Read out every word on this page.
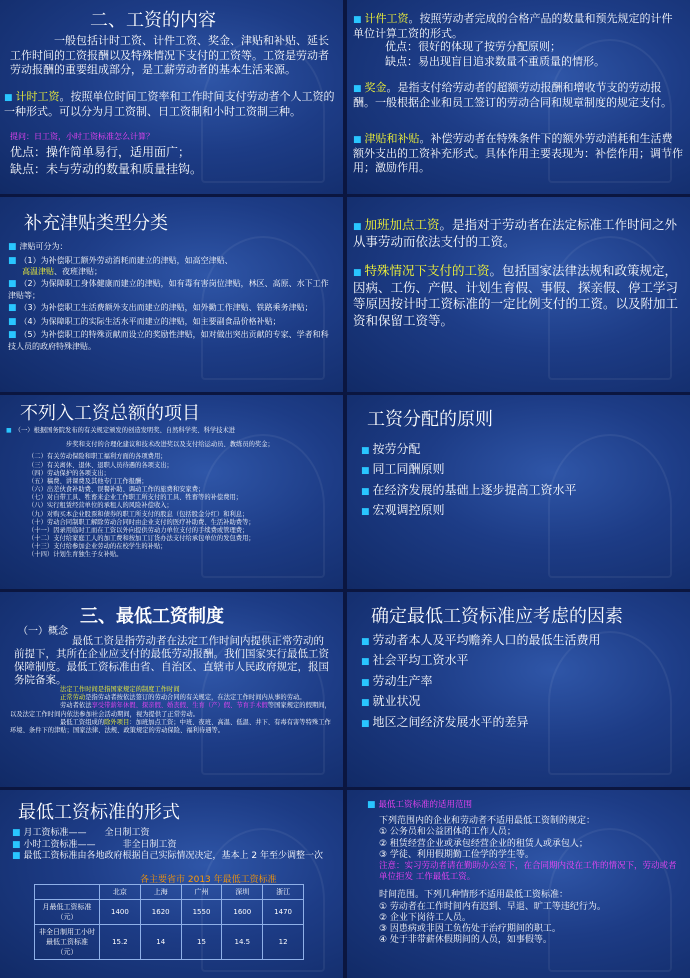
二、工资的内容
一般包括计时工资、计件工资、奖金、津贴和补贴、延长工作时间的工资报酬以及特殊情况下支付的工资等。工资是劳动者劳动报酬的重要组成部分，是工薪劳动者的基本生活来源。
■ 计时工资。按照单位时间工资率和工作时间支付劳动者个人工资的一种形式。可以分为月工资制、日工资制和小时工资制三种。
提问：日工资，小时工资标准怎么计算？
优点：操作简单易行，适用面广；
缺点：未与劳动的数量和质量挂钩。
■ 计件工资。按照劳动者完成的合格产品的数量和预先规定的计件单位计算工资的形式。
优点：很好的体现了按劳分配原则；
缺点：易出现盲目追求数量不重质量的情形。
■ 奖金。是指支付给劳动者的超额劳动报酬和增收节支的劳动报酬。一般根据企业和员工签订的劳动合同和规章制度的规定支付。
■ 津贴和补贴。补偿劳动者在特殊条件下的额外劳动消耗和生活费额外支出的工资补充形式。具体作用主要表现为：补偿作用；调节作用；激励作用。
补充津贴类型分类

■ 津贴可分为：

■ （1）为补偿职工额外劳动消耗而建立的津贴，如高空津贴、

高温津贴、夜班津贴；

■ （2）为保障职工身体健康而建立的津贴，如有毒有害岗位津贴，林区、高原、水下工作津贴等；

■ （3）为补偿职工生活费额外支出而建立的津贴，如外勤工作津贴、铁路乘务津贴；

■ （4）为保障职工的实际生活水平而建立的津贴，如主要副食品价格补贴；

■ （5）为补偿职工的特殊贡献而设立的奖励性津贴，如对做出突出贡献的专家、学者和科技人员的政府特殊津贴。

■ 加班加点工资。是指对于劳动者在法定标准工作时间之外从事劳动而依法支付的工资。
■ 特殊情况下支付的工资。包括国家法律法规和政策规定，因病、工伤、产假、计划生育假、事假、探亲假、停工学习等原因按计时工资标准的一定比例支付的工资。以及附加工资和保留工资等。
不列入工资总额的项目

■ （一）根据国务院发布的有关规定颁发的创造发明奖、自然科学奖、科学技术进

步奖和支付的合理化建议和技术改进奖以及支付给运动员、教练员的奖金；

（二）有关劳动保险和职工福利方面的各项费用；

（三）有关离休、退休、退职人员待遇的各项支出；

（四）劳动保护的各项支出；

（五）稿费、讲课费及其他专门工作报酬；

（六）出差伙食补助费、误餐补助、调动工作的旅费和安家费；

（七）对自带工具、牲畜来企业工作职工所支付的工具、牲畜等的补偿费用；

（八）实行租赁经营单位的承租人的风险补偿收入；

（九）对购买本企业股票和债券的职工所支付的股息（包括股金分红）和利息；

（十）劳动合同制职工解除劳动合同时由企业支付的医疗补助费、生活补助费等；

（十一）因录用临时工而在工资以外向提供劳动力单位支付的手续费或管理费；

（十二）支付给家庭工人的加工费和按加工订货办法支付给承包单位的发包费用；

（十三）支付给参加企业劳动的在校学生的补贴；

（十四）计划生育独生子女补贴。

工资分配的原则

■ 按劳分配

■ 同工同酬原则

■ 在经济发展的基础上逐步提高工资水平

■ 宏观调控原则

三、最低工资制度
（一）概念
最低工资是指劳动者在法定工作时间内提供正常劳动的前提下，其所在企业应支付的最低劳动报酬。我们国家实行最低工资保障制度。最低工资标准由省、自治区、直辖市人民政府规定，报国务院备案。

法定工作时间是指国家规定的制度工作时间

正常劳动是指劳动者按依法签订的劳动合同的有关规定，在法定工作时间内从事的劳动。

劳动者依法享受带薪年休假、探亲假、婚丧假、生育（产）假、节育手术假等国家规定的假期间，以及法定工作时间内依法参加社会活动期间，视为提供了正常劳动。

最低工资组成的除外项目：加班加点工资；中班、夜班、高温、低温、井下、有毒有害等特殊工作环境、条件下的津贴；国家法律、法规、政策规定的劳动保险、福利待遇等。

确定最低工资标准应考虑的因素

■ 劳动者本人及平均赡养人口的最低生活费用

■ 社会平均工资水平

■ 劳动生产率

■ 就业状况

■ 地区之间经济发展水平的差异

最低工资标准的形式

■ 月工资标准——　　全日制工资

■ 小时工资标准——　　　非全日制工资

■ 最低工资标准由各地政府根据自己实际情况决定，基本上 2 年至少调整一次

各主要省市 2013 年最低工资标准
	北京	上海	广州	深圳	浙江
月最低工资标准（元）	1400	1620	1550	1600	1470
非全日制用工小时最低工资标准（元）	15.2	14	15	14.5	12
■ 最低工资标准的适用范围

下列范围内的企业和劳动者不适用最低工资制的规定：

① 公务员和公益团体的工作人员；

② 租赁经营企业或承包经营企业的租赁人或承包人；

③ 学徒、利用假期勤工俭学的学生等。

注意：实习劳动者请在勤助办公室下，在合同期内没在工作的情况下，劳动或者单位拒发 工作最低工资。

时间范围。下列几种情形不适用最低工资标准：

① 劳动者在工作时间内有迟到、早退、旷工等违纪行为。

② 企业下岗待工人员。

③ 因患病或非因工负伤处于治疗期间的职工。

④ 处于非带薪休假期间的人员，如事假等。
